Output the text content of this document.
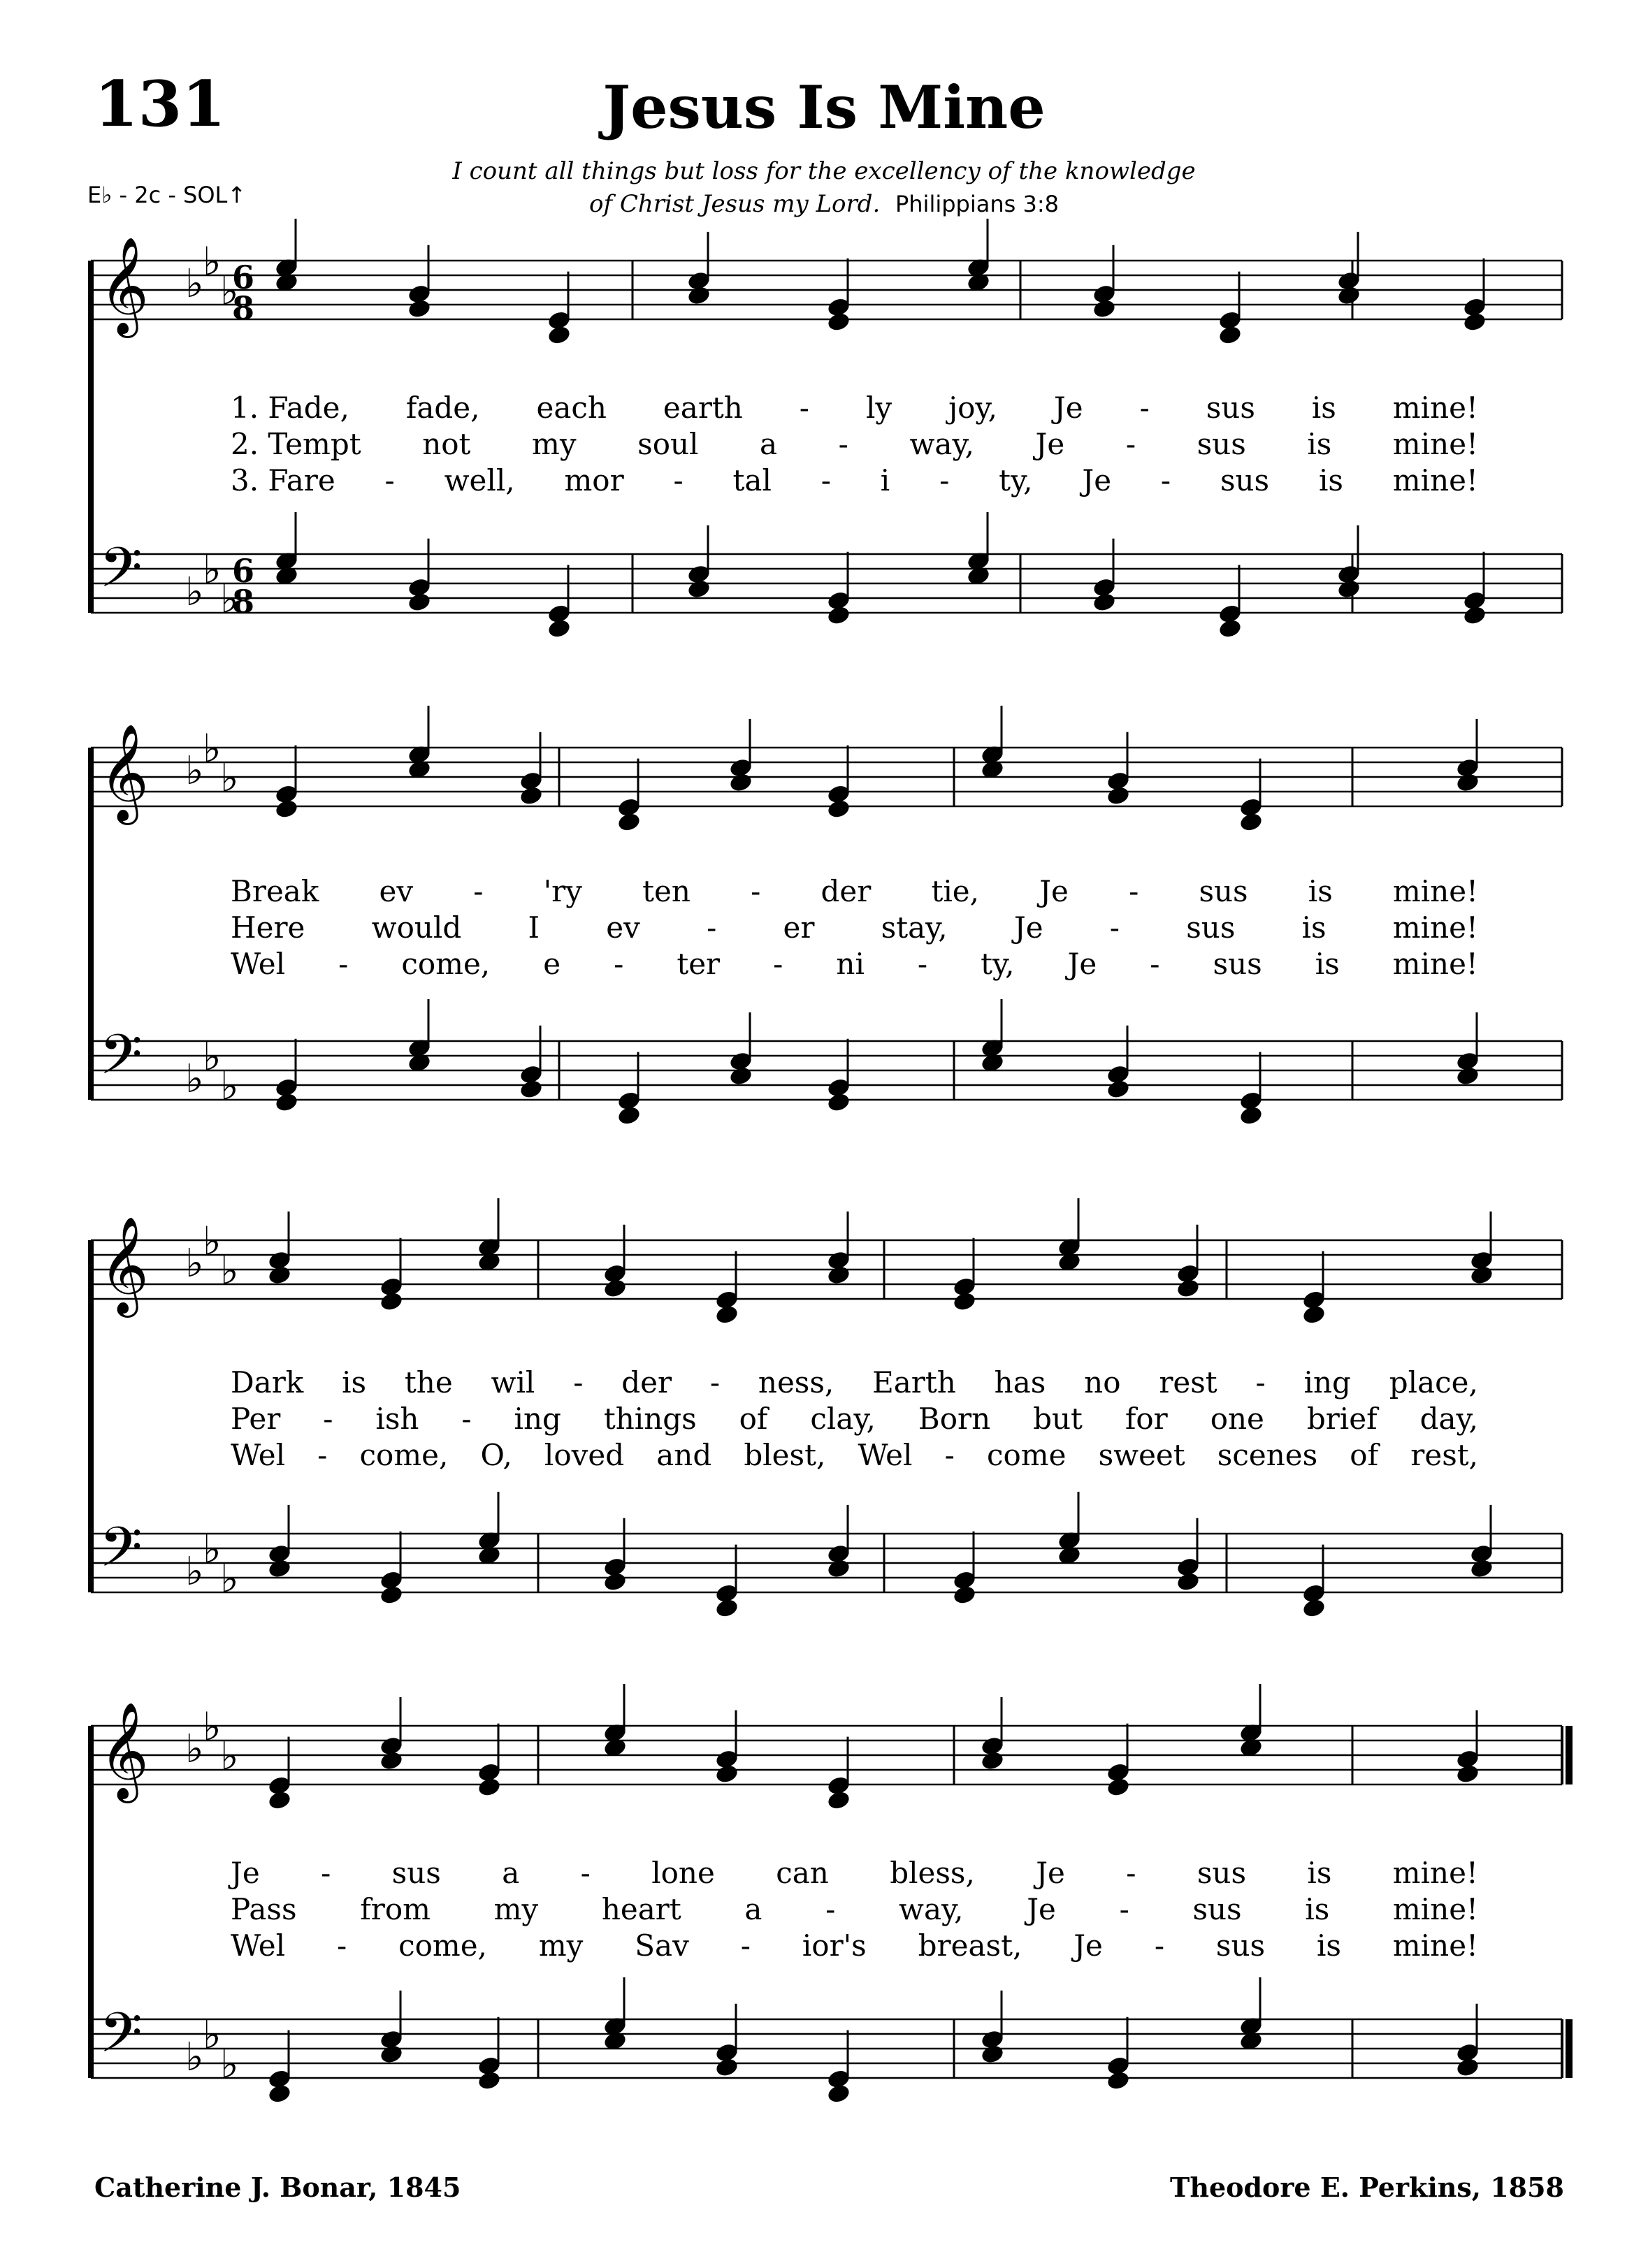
𝄞 ♭
♭
♭
6
8
𝄢 ♭
♭
♭
6
8
𝄞 ♭
♭
♭
𝄢 ♭
♭
♭
𝄞 ♭
♭
♭
𝄢 ♭
♭
♭
𝄞 ♭
♭
♭
𝄢 ♭
♭
♭
131	Jesus Is Mine
I count all things but loss for the excellency of the knowledge
of Christ Jesus my Lord. Philippians 3:8
E♭ - 2c - SOL↑
1. Fade, fade, each earth - ly joy, Je - sus is mine!
2. Tempt not my soul a - way, Je - sus is mine!
3. Fare - well, mor - tal - i - ty, Je - sus is mine!
Break ev - 'ry ten - der tie, Je - sus is mine!
Here would I ev - er stay, Je - sus is mine!
Wel - come, e - ter - ni - ty, Je - sus is mine!
Dark is the wil - der - ness, Earth has no rest - ing place,
Per - ish - ing things of clay, Born but for one brief day,
Wel - come, O, loved and blest, Wel - come sweet scenes of rest,
Je - sus a - lone can bless, Je - sus is mine!
Pass from my heart a - way, Je - sus is mine!
Wel - come, my Sav - ior's breast, Je - sus is mine!
Catherine J. Bonar, 1845	Theodore E. Perkins, 1858
